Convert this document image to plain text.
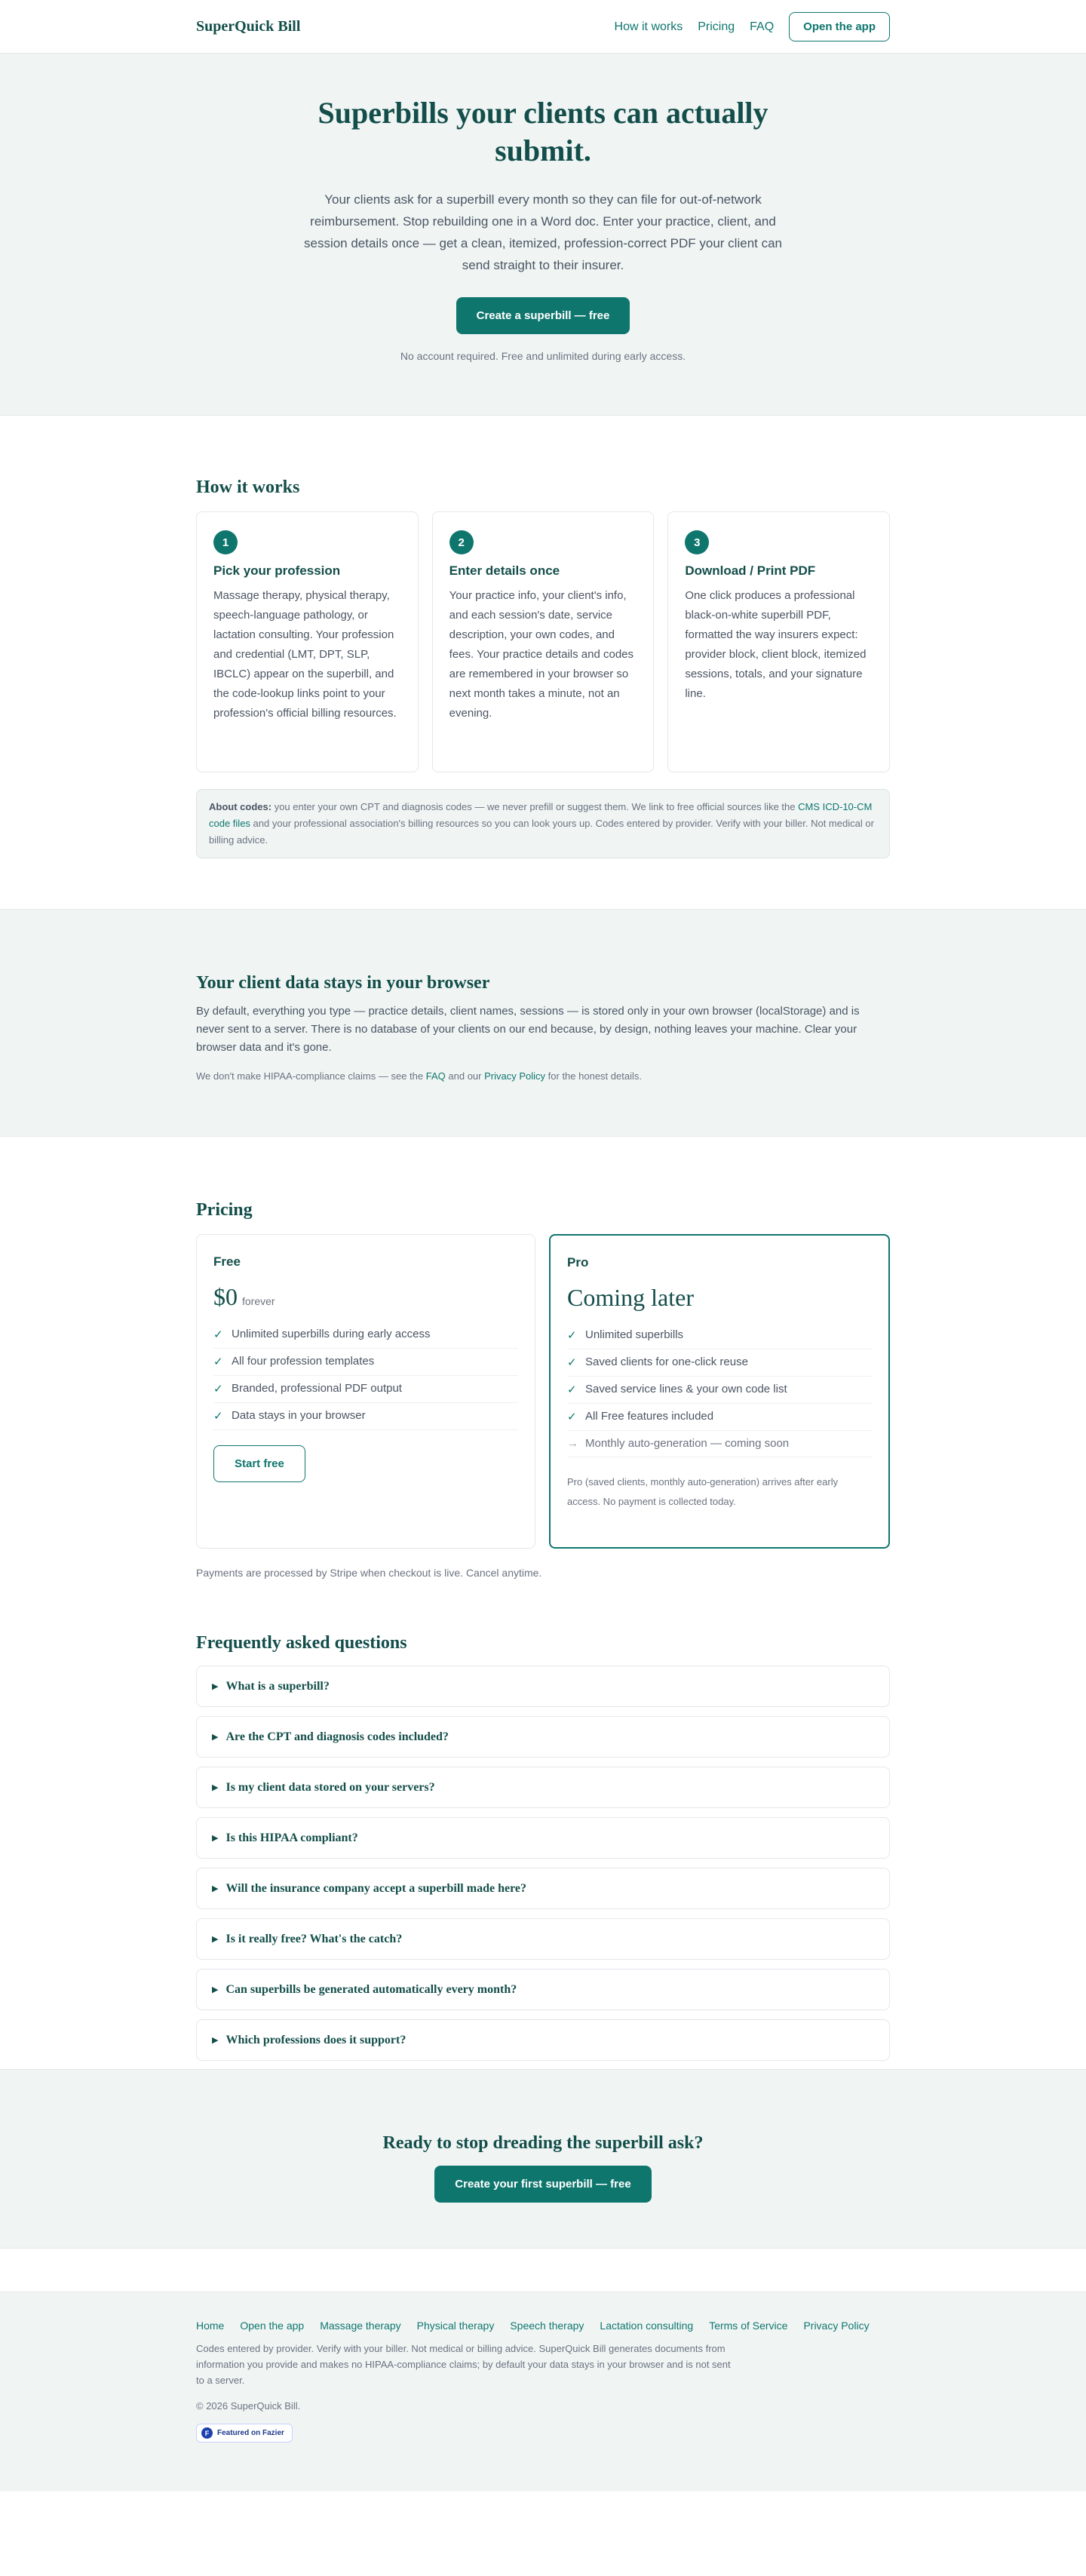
SuperQuick Bill	How it works Pricing FAQ	Open the app
Superbills your clients can actually submit.

Your clients ask for a superbill every month so they can file for out-of-network reimbursement. Stop rebuilding one in a Word doc. Enter your practice, client, and session details once — get a clean, itemized, profession-correct PDF your client can send straight to their insurer.

Create a superbill — free

No account required. Free and unlimited during early access.

How it works
1
Pick your profession

Massage therapy, physical therapy, speech-language pathology, or lactation consulting. Your profession and credential (LMT, DPT, SLP, IBCLC) appear on the superbill, and the code-lookup links point to your profession's official billing resources.

2
Enter details once

Your practice info, your client's info, and each session's date, service description, your own codes, and fees. Your practice details and codes are remembered in your browser so next month takes a minute, not an evening.

3
Download / Print PDF

One click produces a professional black-on-white superbill PDF, formatted the way insurers expect: provider block, client block, itemized sessions, totals, and your signature line.

About codes: you enter your own CPT and diagnosis codes — we never prefill or suggest them. We link to free official sources like the CMS ICD-10-CM code files and your professional association's billing resources so you can look yours up. Codes entered by provider. Verify with your biller. Not medical or billing advice.
Your client data stays in your browser

By default, everything you type — practice details, client names, sessions — is stored only in your own browser (localStorage) and is never sent to a server. There is no database of your clients on our end because, by design, nothing leaves your machine. Clear your browser data and it's gone.

We don't make HIPAA-compliance claims — see the FAQ and our Privacy Policy for the honest details.

Pricing
Free
$0 forever
✓ Unlimited superbills during early access
✓ All four profession templates
✓ Branded, professional PDF output
✓ Data stays in your browser
Start free
Pro
Coming later
✓ Unlimited superbills
✓ Saved clients for one-click reuse
✓ Saved service lines & your own code list
✓ All Free features included
→ Monthly auto-generation — coming soon

Pro (saved clients, monthly auto-generation) arrives after early access. No payment is collected today.

Payments are processed by Stripe when checkout is live. Cancel anytime.

Frequently asked questions
▶ What is a superbill?
▶ Are the CPT and diagnosis codes included?
▶ Is my client data stored on your servers?
▶ Is this HIPAA compliant?
▶ Will the insurance company accept a superbill made here?
▶ Is it really free? What's the catch?
▶ Can superbills be generated automatically every month?
▶ Which professions does it support?
Ready to stop dreading the superbill ask?
Create your first superbill — free
Home Open the app Massage therapy Physical therapy Speech therapy Lactation consulting Terms of Service Privacy Policy

Codes entered by provider. Verify with your biller. Not medical or billing advice. SuperQuick Bill generates documents from information you provide and makes no HIPAA-compliance claims; by default your data stays in your browser and is not sent to a server.

© 2026 SuperQuick Bill.

F	Featured on Fazier
